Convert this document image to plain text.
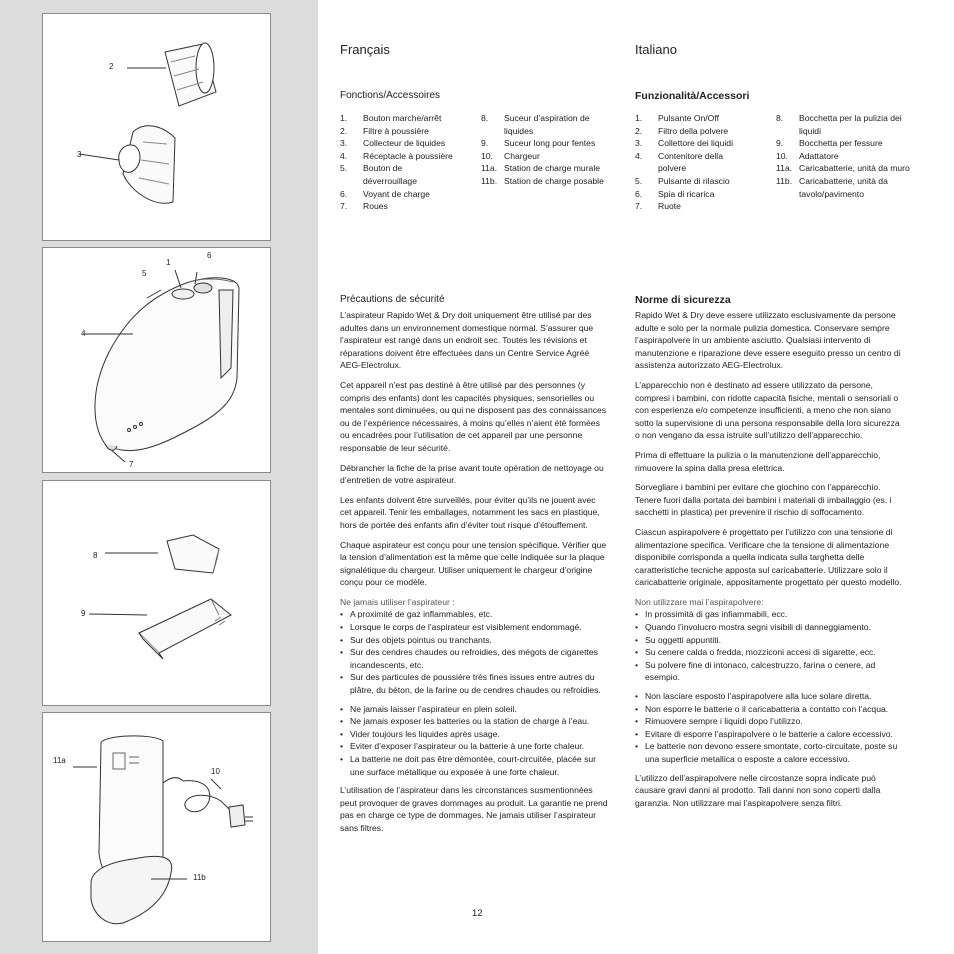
2
3
1
6
5
4
7
8
9
11a
10
11b
Français
Fonctions/Accessoires
1.	Bouton marche/arrêt
2.	Filtre à poussière
3.	Collecteur de liquides
4.	Réceptacle à poussière
5.	Bouton de déverrouillage
6.	Voyant de charge
7.	Roues
8.	Suceur d’aspiration de liquides
9.	Suceur long pour fentes
10.	Chargeur
11a. Station de charge murale
11b. Station de charge posable
Précautions de sécurité

L’aspirateur Rapido Wet & Dry doit uniquement être utilisé par des adultes dans un environnement domestique normal. S’assurer que l’aspirateur est rangé dans un endroit sec. Toutes les révisions et réparations doivent être effectuées dans un Centre Service Agréé AEG-Electrolux.

Cet appareil n’est pas destiné à être utilisé par des personnes (y compris des enfants) dont les capacités physiques, sensorielles ou mentales sont diminuées, ou qui ne disposent pas des connaissances ou de l’expérience nécessaires, à moins qu’elles n’aient été formées ou encadrées pour l’utilisation de cet appareil par une personne responsable de leur sécurité.

Débrancher la fiche de la prise avant toute opération de nettoyage ou d’entretien de votre aspirateur.

Les enfants doivent être surveillés, pour éviter qu’ils ne jouent avec cet appareil. Tenir les emballages, notamment les sacs en plastique, hors de portée des enfants afin d’éviter tout risque d’étouffement.

Chaque aspirateur est conçu pour une tension spécifique. Vérifier que la tension d’alimentation est la même que celle indiquée sur la plaque signalétique du chargeur. Utiliser uniquement le chargeur d’origine conçu pour ce modèle.

Ne jamais utiliser l’aspirateur :
• A proximité de gaz inflammables, etc.
• Lorsque le corps de l’aspirateur est visiblement endommagé.
• Sur des objets pointus ou tranchants.
• Sur des cendres chaudes ou refroidies, des mégots de cigarettes incandescents, etc.
• Sur des particules de poussière très fines issues entre autres du plâtre, du béton, de la farine ou de cendres chaudes ou refroidies.
• Ne jamais laisser l’aspirateur en plein soleil.
• Ne jamais exposer les batteries ou la station de charge à l’eau.
• Vider toujours les liquides après usage.
• Eviter d’exposer l’aspirateur ou la batterie à une forte chaleur.
• La batterie ne doit pas être démontée, court-circuitée, placée sur une surface métallique ou exposée à une forte chaleur.

L’utilisation de l’aspirateur dans les circonstances susmentionnées peut provoquer de graves dommages au produit. La garantie ne prend pas en charge ce type de dommages. Ne jamais utiliser l’aspirateur sans filtres.

Italiano
Funzionalità/Accessori
1.	Pulsante On/Off
2.	Filtro della polvere
3.	Collettore dei liquidi
4.	Contenitore della polvere
5.	Pulsante di rilascio
6.	Spia di ricarica
7.	Ruote
8.	Bocchetta per la pulizia dei liquidi
9.	Bocchetta per fessure
10.	Adattatore
11a. Caricabatterie, unità da muro
11b. Caricabatterie, unità da tavolo/pavimento
Norme di sicurezza

Rapido Wet & Dry deve essere utilizzato esclusivamente da persone adulte e solo per la normale pulizia domestica. Conservare sempre l’aspirapolvere in un ambiente asciutto. Qualsiasi intervento di manutenzione e riparazione deve essere eseguito presso un centro di assistenza autorizzato AEG-Electrolux.

L’apparecchio non è destinato ad essere utilizzato da persone, compresi i bambini, con ridotte capacità fisiche, mentali o sensoriali o con esperienza e/o competenze insufficienti, a meno che non siano sotto la supervisione di una persona responsabile della loro sicurezza o non vengano da essa istruite sull’utilizzo dell’apparecchio.

Prima di effettuare la pulizia o la manutenzione dell’apparecchio, rimuovere la spina dalla presa elettrica.

Sorvegliare i bambini per evitare che giochino con l’apparecchio. Tenere fuori dalla portata dei bambini i materiali di imballaggio (es. i sacchetti in plastica) per prevenire il rischio di soffocamento.

Ciascun aspirapolvere è progettato per l’utilizzo con una tensione di alimentazione specifica. Verificare che la tensione di alimentazione disponibile corrisponda a quella indicata sulla targhetta delle caratteristiche tecniche apposta sul caricabatterie. Utilizzare solo il caricabatterie originale, appositamente progettato per questo modello.

Non utilizzare mai l’aspirapolvere:
• In prossimità di gas infiammabili, ecc.
• Quando l’involucro mostra segni visibili di danneggiamento.
• Su oggetti appuntiti.
• Su cenere calda o fredda, mozziconi accesi di sigarette, ecc.
• Su polvere fine di intonaco, calcestruzzo, farina o cenere, ad esempio.
• Non lasciare esposto l’aspirapolvere alla luce solare diretta.
• Non esporre le batterie o il caricabatteria a contatto con l’acqua.
• Rimuovere sempre i liquidi dopo l’utilizzo.
• Evitare di esporre l’aspirapolvere o le batterie a calore eccessivo.
• Le batterie non devono essere smontate, corto-circuitate, poste su una superficie metallica o esposte a calore eccessivo.

L’utilizzo dell’aspirapolvere nelle circostanze sopra indicate può causare gravi danni al prodotto. Tali danni non sono coperti dalla garanzia. Non utilizzare mai l’aspirapolvere senza filtri.

12
